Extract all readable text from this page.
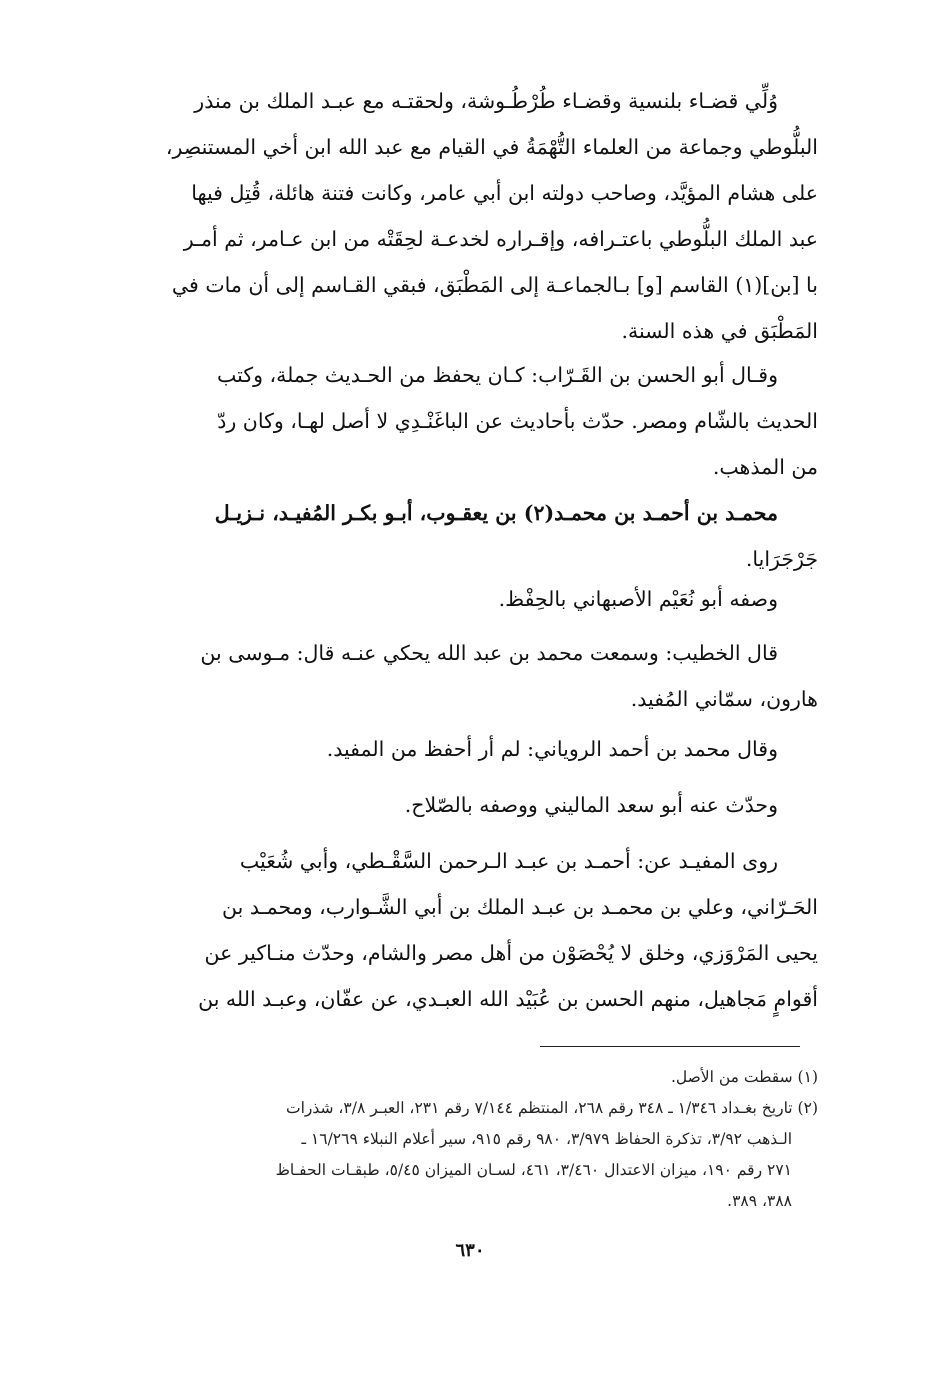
وُلِّي قضـاء بلنسية وقضـاء طُرْطُـوشة، ولحقتـه مع عبـد الملك بن منذر
البلُّوطي وجماعة من العلماء التُّهْمَةُ في القيام مع عبد الله ابن أخي المستنصِر،
على هشام المؤيَّد، وصاحب دولته ابن أبي عامر، وكانت فتنة هائلة، قُتِل فيها
عبد الملك البلُّوطي باعتـرافه، وإقـراره لخدعـة لحِقَتْه من ابن عـامر، ثم أمـر
با [بن](١) القاسم [و] بـالجماعـة إلى المَطْبَق، فبقي القـاسم إلى أن مات في
المَطْبَق في هذه السنة.
وقـال أبو الحسن بن القَـرّاب: كـان يحفظ من الحـديث جملة، وكتب
الحديث بالشّام ومصر. حدّث بأحاديث عن الباغَنْـدِي لا أصل لهـا، وكان ردّ
من المذهب.
محمـد بن أحمـد بن محمـد(٢) بن يعقـوب، أبـو بكـر المُفيـد، نـزيـل
جَرْجَرَايا.
وصفه أبو نُعَيْم الأصبهاني بالحِفْظ.
قال الخطيب: وسمعت محمد بن عبد الله يحكي عنـه قال: مـوسى بن
هارون، سمّاني المُفيد.
وقال محمد بن أحمد الروياني: لم أر أحفظ من المفيد.
وحدّث عنه أبو سعد الماليني ووصفه بالصّلاح.
روى المفيـد عن: أحمـد بن عبـد الـرحمن السَّقْـطي، وأبي شُعَيْب
الحَـرّاني، وعلي بن محمـد بن عبـد الملك بن أبي الشَّـوارب، ومحمـد بن
يحيى المَرْوَزي، وخلق لا يُحْصَوْن من أهل مصر والشام، وحدّث منـاكير عن
أقوامٍ مَجاهيل، منهم الحسن بن عُبَيْد الله العبـدي، عن عفّان، وعبـد الله بن
(١) سقطت من الأصل.
(٢) تاريخ بغـداد ١/٣٤٦ ـ ٣٤٨ رقم ٢٦٨، المنتظم ٧/١٤٤ رقم ٢٣١، العبـر ٣/٨، شذرات
الـذهب ٣/٩٢، تذكرة الحفاظ ٣/٩٧٩، ٩٨٠ رقم ٩١٥، سير أعلام النبلاء ١٦/٢٦٩ ـ
٢٧١ رقم ١٩٠، ميزان الاعتدال ٣/٤٦٠، ٤٦١، لسـان الميزان ٥/٤٥، طبقـات الحفـاظ
٣٨٨، ٣٨٩.
٦٣٠
